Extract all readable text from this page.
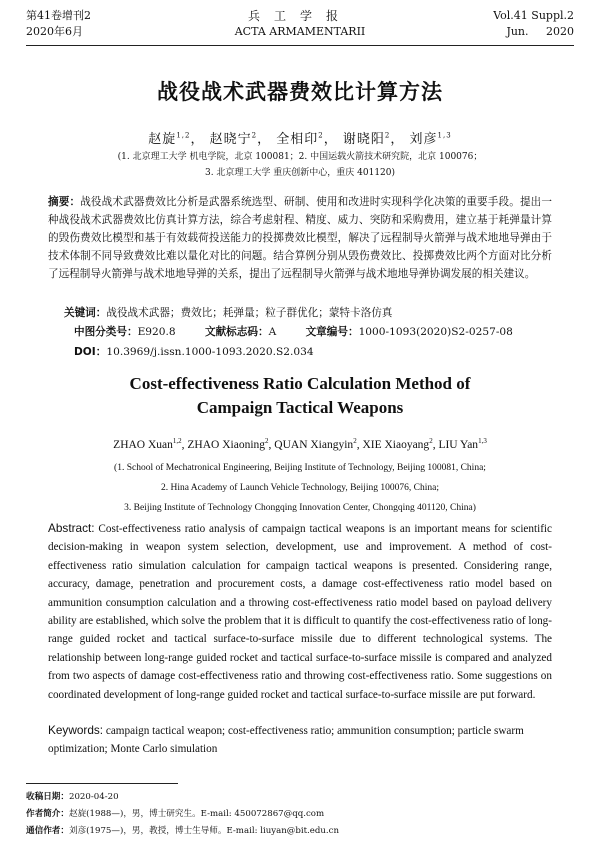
第41卷增刊2
2020年6月
兵工学报
ACTA ARMAMENTARII
Vol.41 Suppl.2
Jun. 2020
战役战术武器费效比计算方法
赵旋$^{1,2}$， 赵晓宁$^2$， 全相印$^2$， 谢晓阳$^2$， 刘彦$^{1,3}$
(1. 北京理工大学 机电学院，北京 100081；2. 中国运载火箭技术研究院，北京 100076；
3. 北京理工大学 重庆创新中心，重庆 401120)
摘要：战役战术武器费效比分析是武器系统选型、研制、使用和改进时实现科学化决策的重要手段。提出一种战役战术武器费效比仿真计算方法，综合考虑射程、精度、威力、突防和采购费用，建立基于耗弹量计算的毁伤费效比模型和基于有效载荷投送能力的投掷费效比模型，解决了远程制导火箭弹与战术地地导弹由于技术体制不同导致费效比难以量化对比的问题。结合算例分别从毁伤费效比、投掷费效比两个方面对比分析了远程制导火箭弹与战术地地导弹的关系，提出了远程制导火箭弹与战术地地导弹协调发展的相关建议。
关键词：战役战术武器；费效比；耗弹量；粒子群优化；蒙特卡洛仿真
中图分类号：E920.8	文献标志码：A	文章编号：1000-1093(2020)S2-0257-08
DOI：10.3969/j.issn.1000-1093.2020.S2.034
Cost-effectiveness Ratio Calculation Method of
Campaign Tactical Weapons
ZHAO Xuan$^{1,2}$, ZHAO Xiaoning$^2$, QUAN Xiangyin$^2$, XIE Xiaoyang$^2$, LIU Yan$^{1,3}$
(1. School of Mechatronical Engineering, Beijing Institute of Technology, Beijing 100081, China;
2. Hina Academy of Launch Vehicle Technology, Beijing 100076, China;
3. Beijing Institute of Technology Chongqing Innovation Center, Chongqing 401120, China)
Abstract: Cost-effectiveness ratio analysis of campaign tactical weapons is an important means for scientific decision-making in weapon system selection, development, use and improvement. A method of cost-effectiveness ratio simulation calculation for campaign tactical weapons is presented. Considering range, accuracy, damage, penetration and procurement costs, a damage cost-effectiveness ratio model based on ammunition consumption calculation and a throwing cost-effectiveness ratio model based on payload delivery ability are established, which solve the problem that it is difficult to quantify the cost-effectiveness ratio of long-range guided rocket and tactical surface-to-surface missile due to different technological systems. The relationship between long-range guided rocket and tactical surface-to-surface missile is compared and analyzed from two aspects of damage cost-effectiveness ratio and throwing cost-effectiveness ratio. Some suggestions on coordinated development of long-range guided rocket and tactical surface-to-surface missile are put forward.
Keywords: campaign tactical weapon; cost-effectiveness ratio; ammunition consumption; particle swarm optimization; Monte Carlo simulation
收稿日期：2020-04-20
作者简介：赵旋(1988—)，男，博士研究生。E-mail: 450072867@qq.com
通信作者：刘彦(1975—)，男，教授，博士生导师。E-mail: liuyan@bit.edu.cn
